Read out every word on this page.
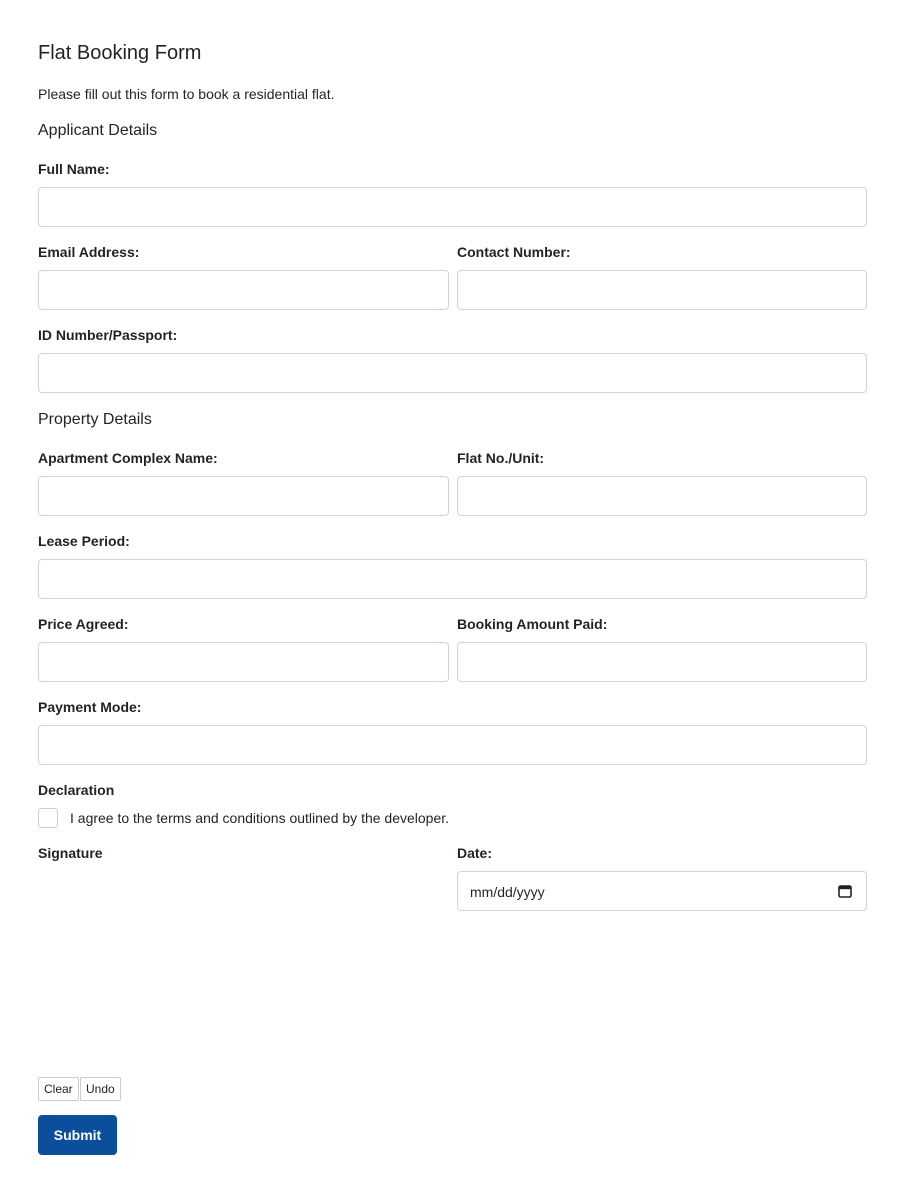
Flat Booking Form

Please fill out this form to book a residential flat.

Applicant Details
Full Name:
Email Address:	Contact Number:
ID Number/Passport:
Property Details
Apartment Complex Name:	Flat No./Unit:
Lease Period:
Price Agreed:	Booking Amount Paid:
Payment Mode:
Declaration
I agree to the terms and conditions outlined by the developer.
Signature	Date:
mm/dd/yyyy
Clear	Undo
Submit
